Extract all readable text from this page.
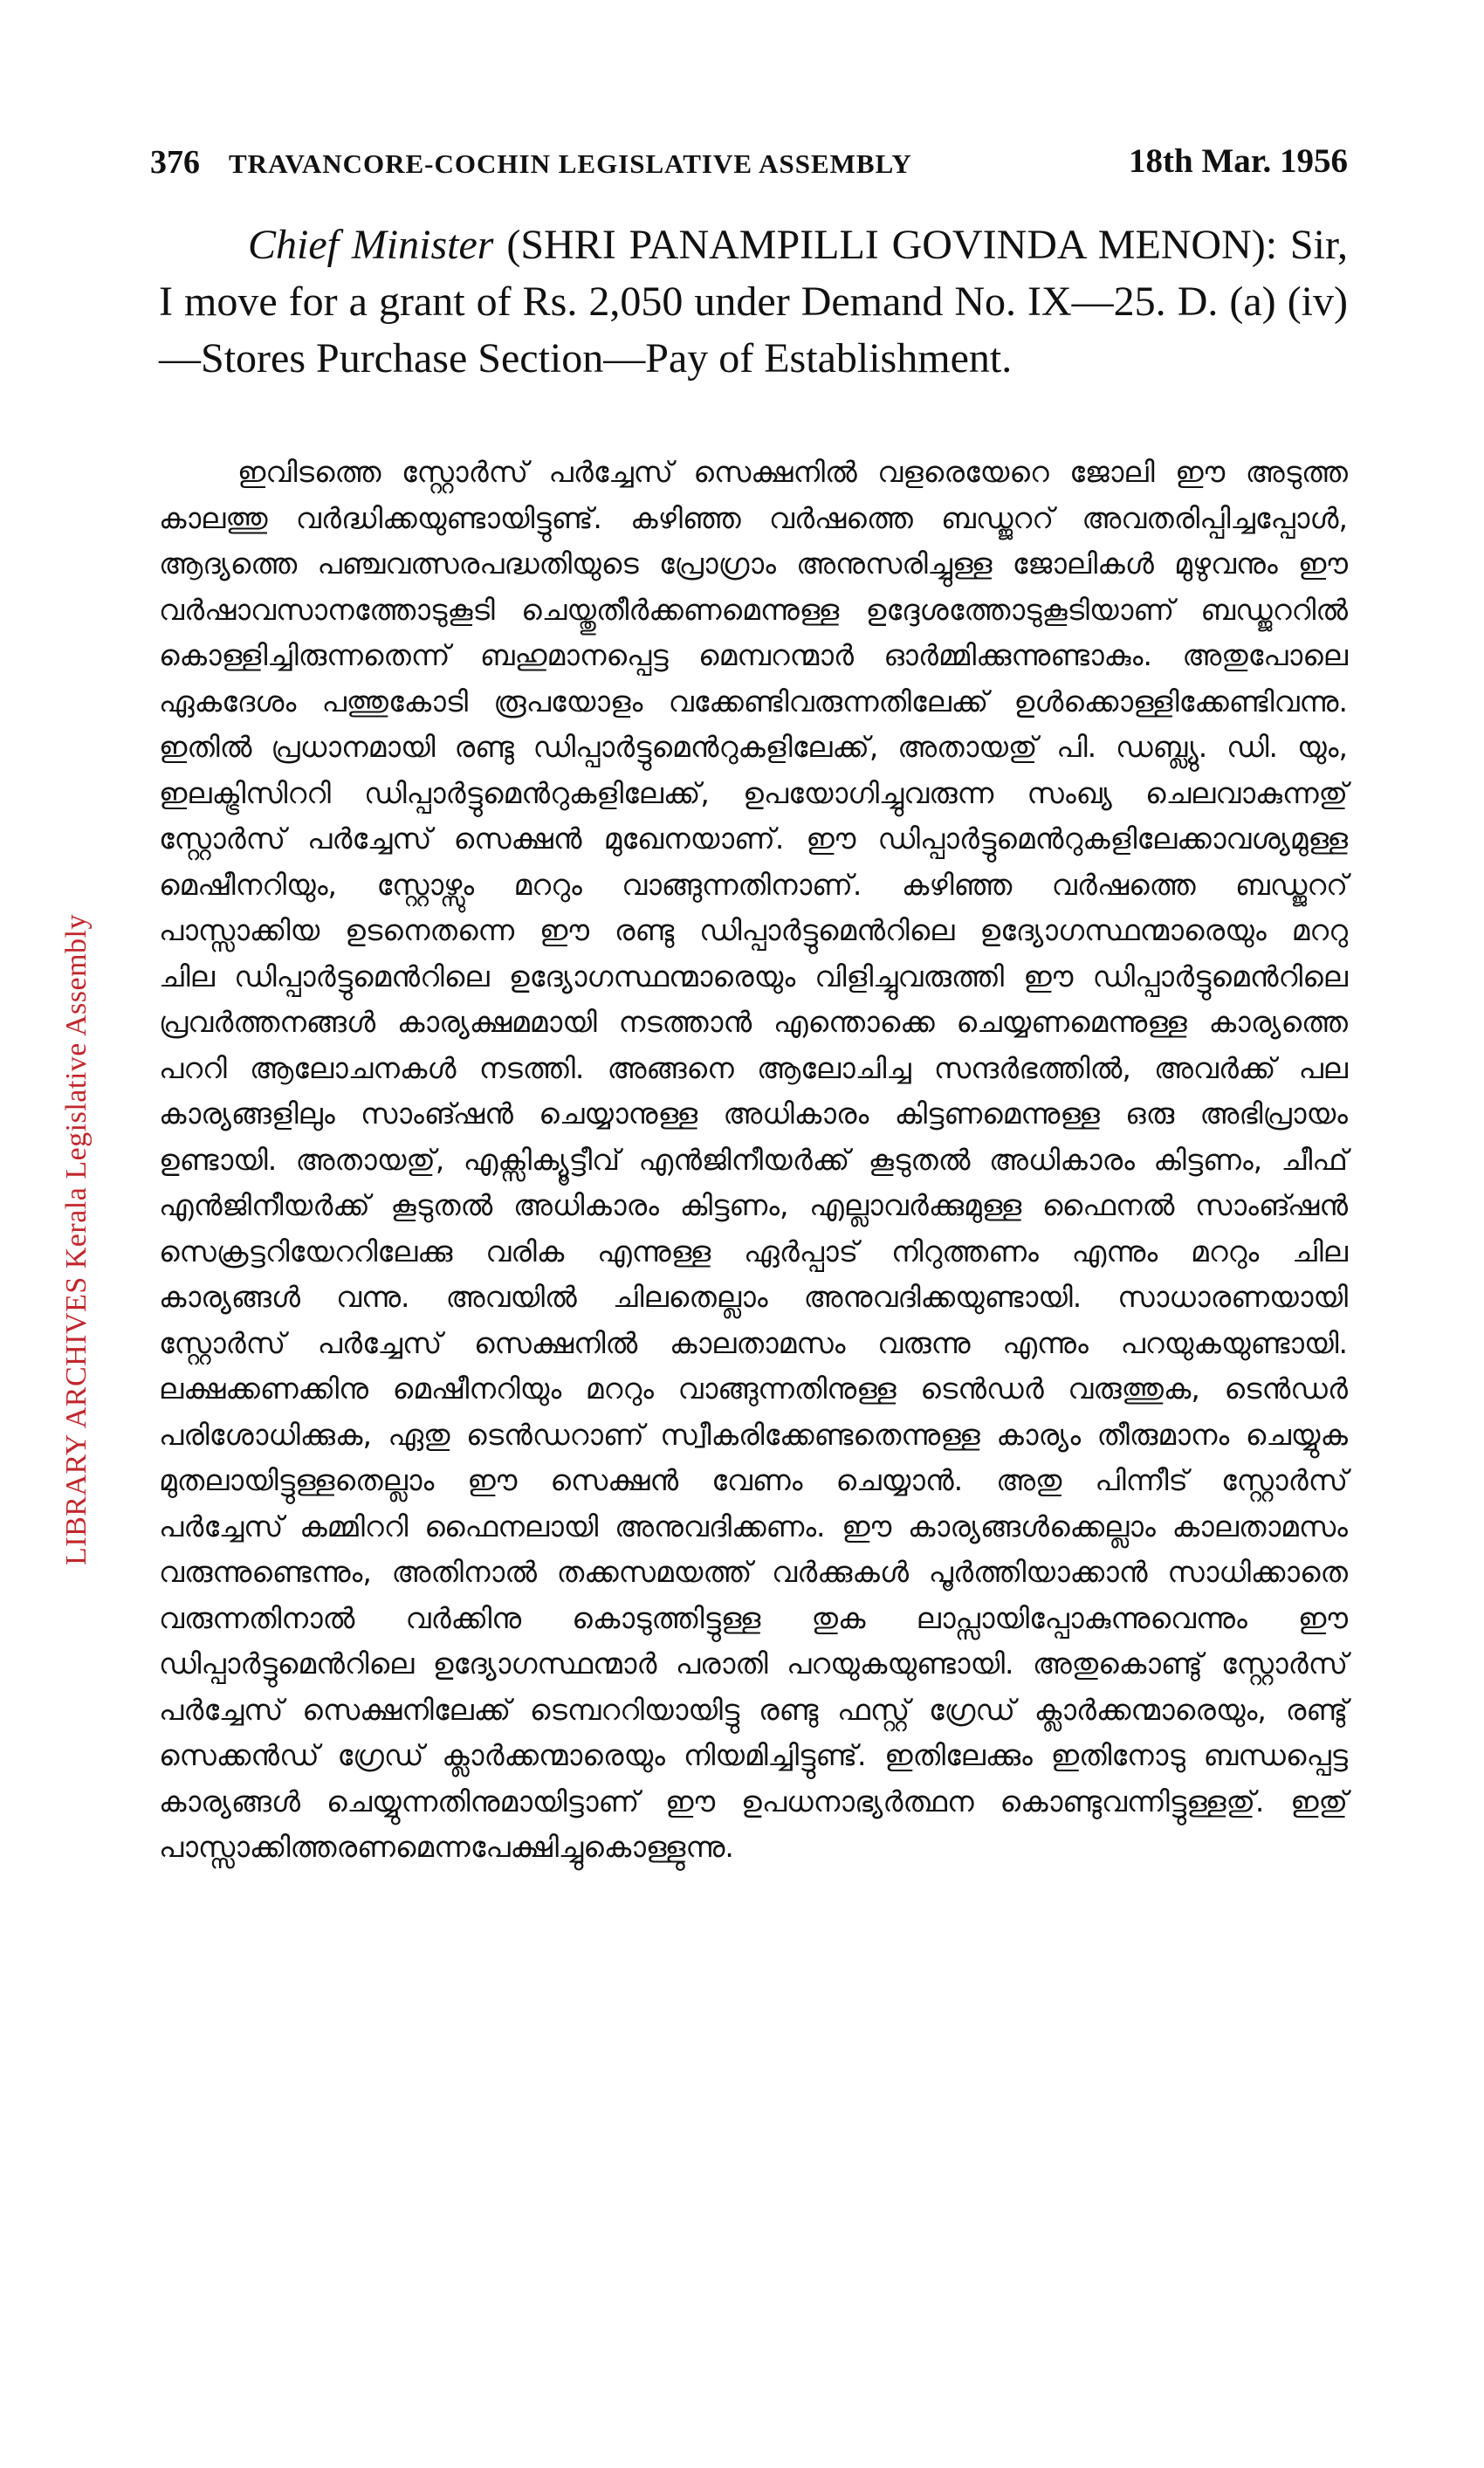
376 TRAVANCORE-COCHIN LEGISLATIVE ASSEMBLY	18th Mar. 1956

Chief Minister (SHRI PANAMPILLI GOVINDA MENON): Sir, I move for a grant of Rs. 2,050 under Demand No. IX—25. D. (a) (iv)—Stores Purchase Section—Pay of Establishment.

ഇവിടത്തെ സ്റ്റോർസ് പർച്ചേസ് സെക്ഷനിൽ വളരെയേറെ ജോലി ഈ അടുത്ത കാലത്തു വർദ്ധിക്കയുണ്ടായിട്ടുണ്ട്. കഴിഞ്ഞ വർഷത്തെ ബഡ്ജററ് അവതരിപ്പിച്ചപ്പോൾ, ആദ്യത്തെ പഞ്ചവത്സരപദ്ധതിയുടെ പ്രോഗ്രാം അനുസരിച്ചുള്ള ജോലികൾ മുഴുവനും ഈ വർഷാവസാനത്തോടുകൂടി ചെയ്തുതീർക്കണമെന്നുള്ള ഉദ്ദേശത്തോടുകൂടിയാണ് ബഡ്ജററിൽ കൊള്ളിച്ചിരുന്നതെന്ന് ബഹുമാനപ്പെട്ട മെമ്പറന്മാർ ഓർമ്മിക്കുന്നുണ്ടാകും. അതുപോലെ ഏകദേശം പത്തുകോടി രൂപയോളം വക്കേണ്ടിവരുന്നതിലേക്ക് ഉൾക്കൊള്ളിക്കേണ്ടിവന്നു. ഇതിൽ പ്രധാനമായി രണ്ടു ഡിപ്പാർട്ടുമെൻറുകളിലേക്ക്, അതായതു് പി. ഡബ്ല്യു. ഡി. യും, ഇലക്ട്രിസിററി ഡിപ്പാർട്ടുമെൻറുകളിലേക്ക്, ഉപയോഗിച്ചുവരുന്ന സംഖ്യ ചെലവാകുന്നതു് സ്റ്റോർസ് പർച്ചേസ് സെക്ഷൻ മുഖേനയാണ്. ഈ ഡിപ്പാർട്ടുമെൻറുകളിലേക്കാവശ്യമുള്ള മെഷീനറിയും, സ്റ്റോഴ്സും മററും വാങ്ങുന്നതിനാണ്. കഴിഞ്ഞ വർഷത്തെ ബഡ്ജററ് പാസ്സാക്കിയ ഉടനെതന്നെ ഈ രണ്ടു ഡിപ്പാർട്ടുമെൻറിലെ ഉദ്യോഗസ്ഥന്മാരെയും മററു ചില ഡിപ്പാർട്ടുമെൻറിലെ ഉദ്യോഗസ്ഥന്മാരെയും വിളിച്ചുവരുത്തി ഈ ഡിപ്പാർട്ടുമെൻറിലെ പ്രവർത്തനങ്ങൾ കാര്യക്ഷമമായി നടത്താൻ എന്തൊക്കെ ചെയ്യണമെന്നുള്ള കാര്യത്തെ പററി ആലോചനകൾ നടത്തി. അങ്ങനെ ആലോചിച്ച സന്ദർഭത്തിൽ, അവർക്ക് പല കാര്യങ്ങളിലും സാംങ്ഷൻ ചെയ്യാനുള്ള അധികാരം കിട്ടണമെന്നുള്ള ഒരു അഭിപ്രായം ഉണ്ടായി. അതായതു്, എക്സിക്യൂട്ടീവ് എൻജിനീയർക്ക് കൂടുതൽ അധികാരം കിട്ടണം, ചീഫ് എൻജിനീയർക്ക് കൂടുതൽ അധികാരം കിട്ടണം, എല്ലാവർക്കുമുള്ള ഫൈനൽ സാംങ്ഷൻ സെക്രട്ടറിയേററിലേക്കു വരിക എന്നുള്ള ഏർപ്പാട് നിറുത്തണം എന്നും മററും ചില കാര്യങ്ങൾ വന്നു. അവയിൽ ചിലതെല്ലാം അനുവദിക്കയുണ്ടായി. സാധാരണയായി സ്റ്റോർസ് പർച്ചേസ് സെക്ഷനിൽ കാലതാമസം വരുന്നു എന്നും പറയുകയുണ്ടായി. ലക്ഷക്കണക്കിനു മെഷീനറിയും മററും വാങ്ങുന്നതിനുള്ള ടെൻഡർ വരുത്തുക, ടെൻഡർ പരിശോധിക്കുക, ഏതു ടെൻഡറാണ് സ്വീകരിക്കേണ്ടതെന്നുള്ള കാര്യം തീരുമാനം ചെയ്യുക മുതലായിട്ടുള്ളതെല്ലാം ഈ സെക്ഷൻ വേണം ചെയ്യാൻ. അതു പിന്നീട് സ്റ്റോർസ് പർച്ചേസ് കമ്മിററി ഫൈനലായി അനുവദിക്കണം. ഈ കാര്യങ്ങൾക്കെല്ലാം കാലതാമസം വരുന്നുണ്ടെന്നും, അതിനാൽ തക്കസമയത്ത് വർക്കുകൾ പൂർത്തിയാക്കാൻ സാധിക്കാതെ വരുന്നതിനാൽ വർക്കിനു കൊടുത്തിട്ടുള്ള തുക ലാപ്സായിപ്പോകുന്നുവെന്നും ഈ ഡിപ്പാർട്ടുമെൻറിലെ ഉദ്യോഗസ്ഥന്മാർ പരാതി പറയുകയുണ്ടായി. അതുകൊണ്ടു് സ്റ്റോർസ് പർച്ചേസ് സെക്ഷനിലേക്ക് ടെമ്പററിയായിട്ടു രണ്ടു ഫസ്റ്റ് ഗ്രേഡ് ക്ലാർക്കന്മാരെയും, രണ്ടു് സെക്കൻഡ് ഗ്രേഡ് ക്ലാർക്കന്മാരെയും നിയമിച്ചിട്ടുണ്ട്. ഇതിലേക്കും ഇതിനോടു ബന്ധപ്പെട്ട കാര്യങ്ങൾ ചെയ്യുന്നതിനുമായിട്ടാണ് ഈ ഉപധനാഭ്യർത്ഥന കൊണ്ടുവന്നിട്ടുള്ളതു്. ഇതു് പാസ്സാക്കിത്തരണമെന്നപേക്ഷിച്ചുകൊള്ളുന്നു.

LIBRARY ARCHIVES Kerala Legislative Assembly
